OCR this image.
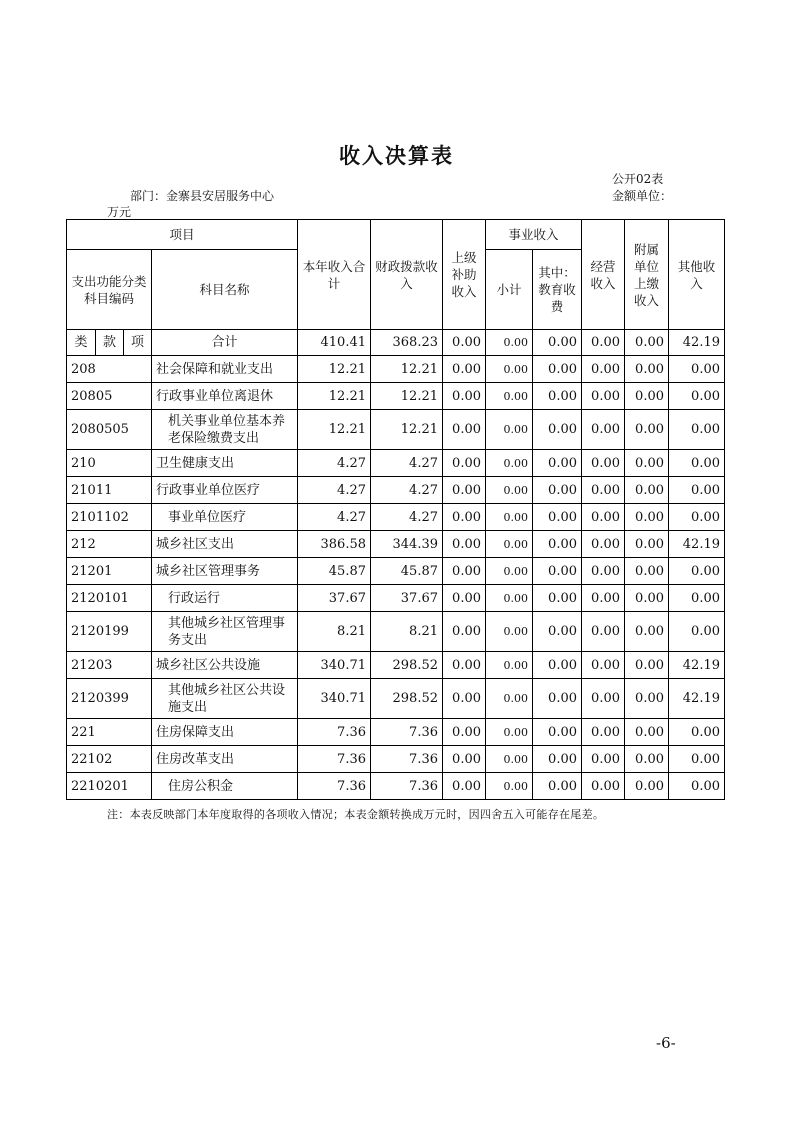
收入决算表
公开02表
部门：金寨县安居服务中心	金额单位：
万元
项目				本年收入合计	财政拨款收入	上级补助收入	事业收入		经营收入	附属单位上缴收入	其他收入
支出功能分类科目编码			科目名称				小计	其中：教育收费			

类	款	项	合计	410.41	368.23	0.00	0.00	0.00	0.00	0.00	42.19
208			社会保障和就业支出	12.21	12.21	0.00	0.00	0.00	0.00	0.00	0.00
20805			行政事业单位离退休	12.21	12.21	0.00	0.00	0.00	0.00	0.00	0.00
2080505			机关事业单位基本养老保险缴费支出	12.21	12.21	0.00	0.00	0.00	0.00	0.00	0.00
210			卫生健康支出	4.27	4.27	0.00	0.00	0.00	0.00	0.00	0.00
21011			行政事业单位医疗	4.27	4.27	0.00	0.00	0.00	0.00	0.00	0.00
2101102			事业单位医疗	4.27	4.27	0.00	0.00	0.00	0.00	0.00	0.00
212			城乡社区支出	386.58	344.39	0.00	0.00	0.00	0.00	0.00	42.19
21201			城乡社区管理事务	45.87	45.87	0.00	0.00	0.00	0.00	0.00	0.00
2120101			行政运行	37.67	37.67	0.00	0.00	0.00	0.00	0.00	0.00
2120199			其他城乡社区管理事务支出	8.21	8.21	0.00	0.00	0.00	0.00	0.00	0.00
21203			城乡社区公共设施	340.71	298.52	0.00	0.00	0.00	0.00	0.00	42.19
2120399			其他城乡社区公共设施支出	340.71	298.52	0.00	0.00	0.00	0.00	0.00	42.19
221			住房保障支出	7.36	7.36	0.00	0.00	0.00	0.00	0.00	0.00
22102			住房改革支出	7.36	7.36	0.00	0.00	0.00	0.00	0.00	0.00
2210201			住房公积金	7.36	7.36	0.00	0.00	0.00	0.00	0.00	0.00
注：本表反映部门本年度取得的各项收入情况；本表金额转换成万元时，因四舍五入可能存在尾差。
-6-
